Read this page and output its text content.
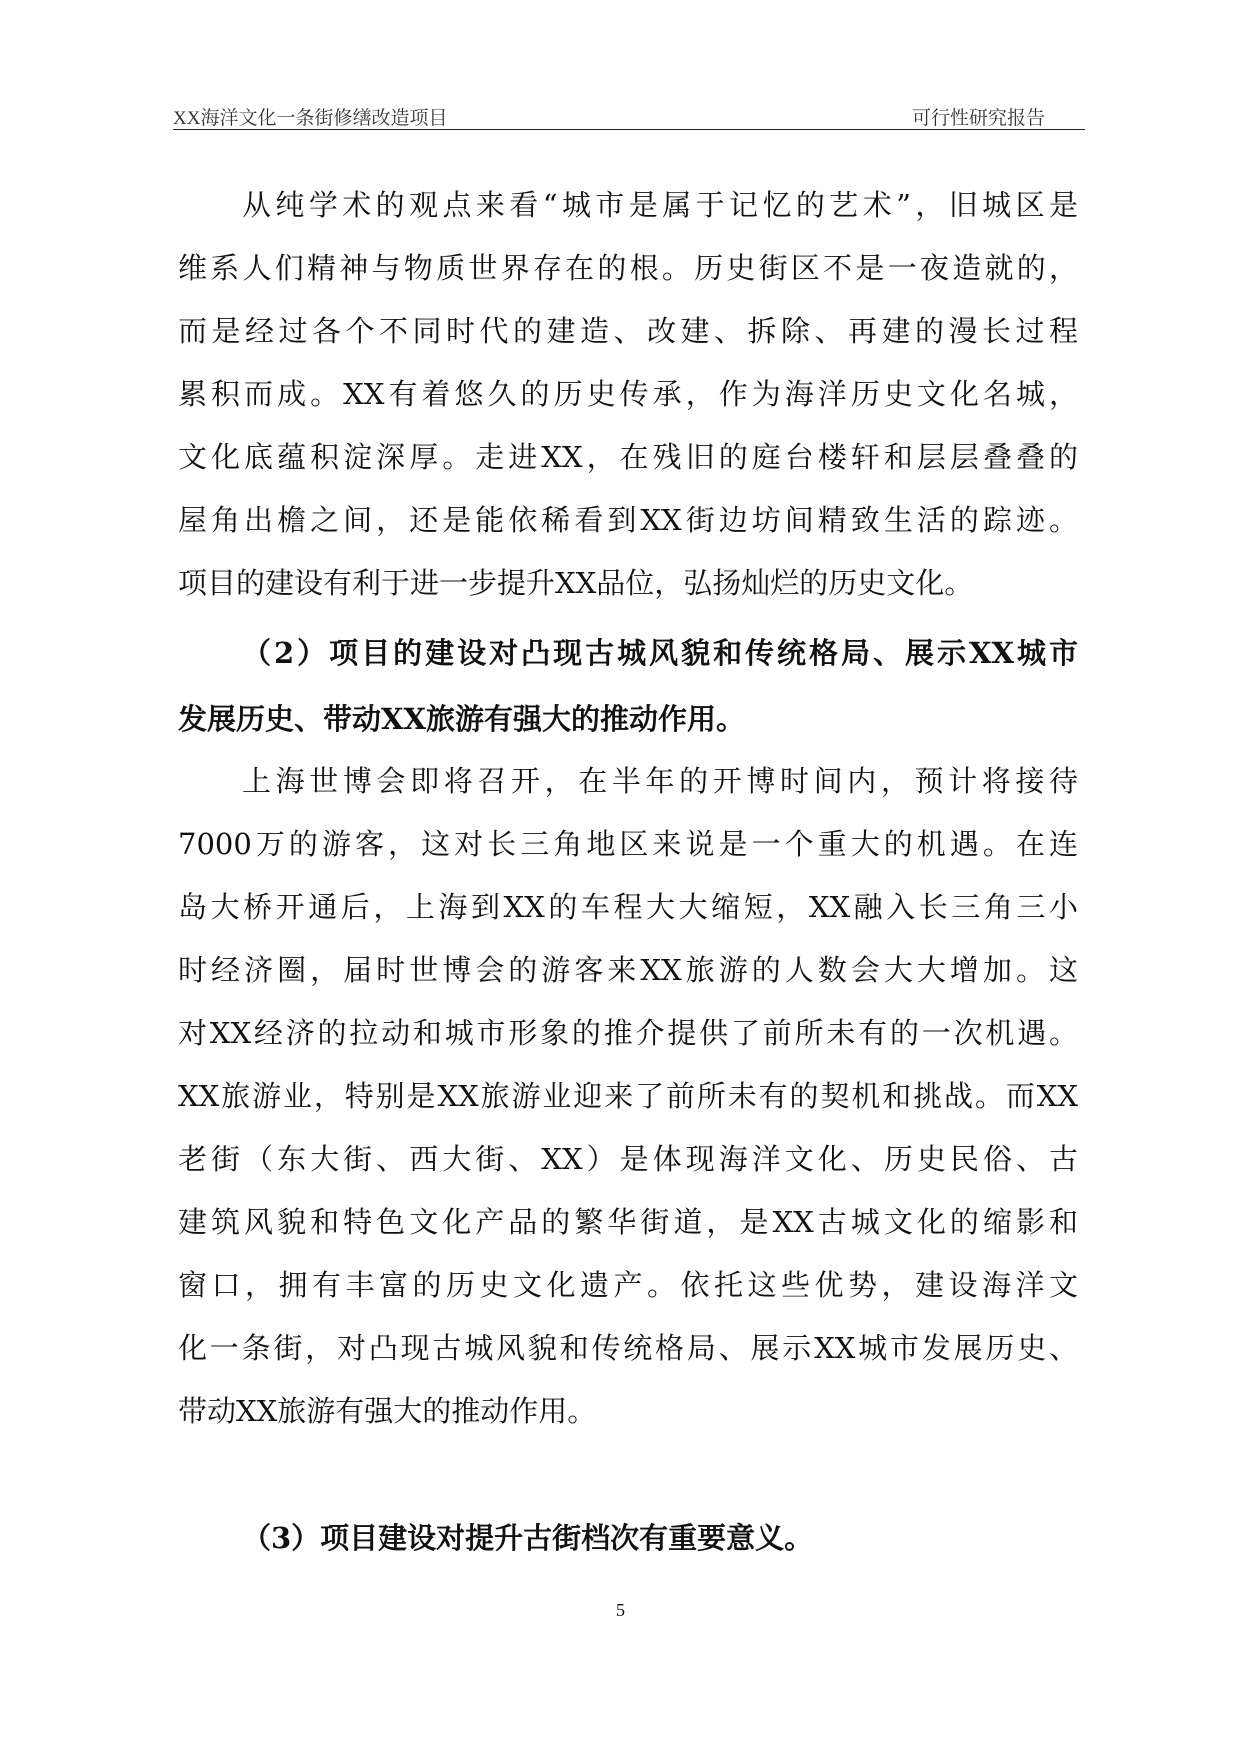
XX海洋文化一条街修缮改造项目	可行性研究报告
从纯学术的观点来看“城市是属于记忆的艺术”，旧城区是
维系人们精神与物质世界存在的根。历史街区不是一夜造就的，
而是经过各个不同时代的建造、改建、拆除、再建的漫长过程
累积而成。XX有着悠久的历史传承，作为海洋历史文化名城，
文化底蕴积淀深厚。走进XX，在残旧的庭台楼轩和层层叠叠的
屋角出檐之间，还是能依稀看到XX街边坊间精致生活的踪迹。
项目的建设有利于进一步提升XX品位，弘扬灿烂的历史文化。
（2）项目的建设对凸现古城风貌和传统格局、展示XX城市
发展历史、带动XX旅游有强大的推动作用。
上海世博会即将召开，在半年的开博时间内，预计将接待
7000万的游客，这对长三角地区来说是一个重大的机遇。在连
岛大桥开通后，上海到XX的车程大大缩短，XX融入长三角三小
时经济圈，届时世博会的游客来XX旅游的人数会大大增加。这
对XX经济的拉动和城市形象的推介提供了前所未有的一次机遇。
XX旅游业，特别是XX旅游业迎来了前所未有的契机和挑战。而XX
老街（东大街、西大街、XX）是体现海洋文化、历史民俗、古
建筑风貌和特色文化产品的繁华街道，是XX古城文化的缩影和
窗口，拥有丰富的历史文化遗产。依托这些优势，建设海洋文
化一条街，对凸现古城风貌和传统格局、展示XX城市发展历史、
带动XX旅游有强大的推动作用。
（3）项目建设对提升古街档次有重要意义。
5
